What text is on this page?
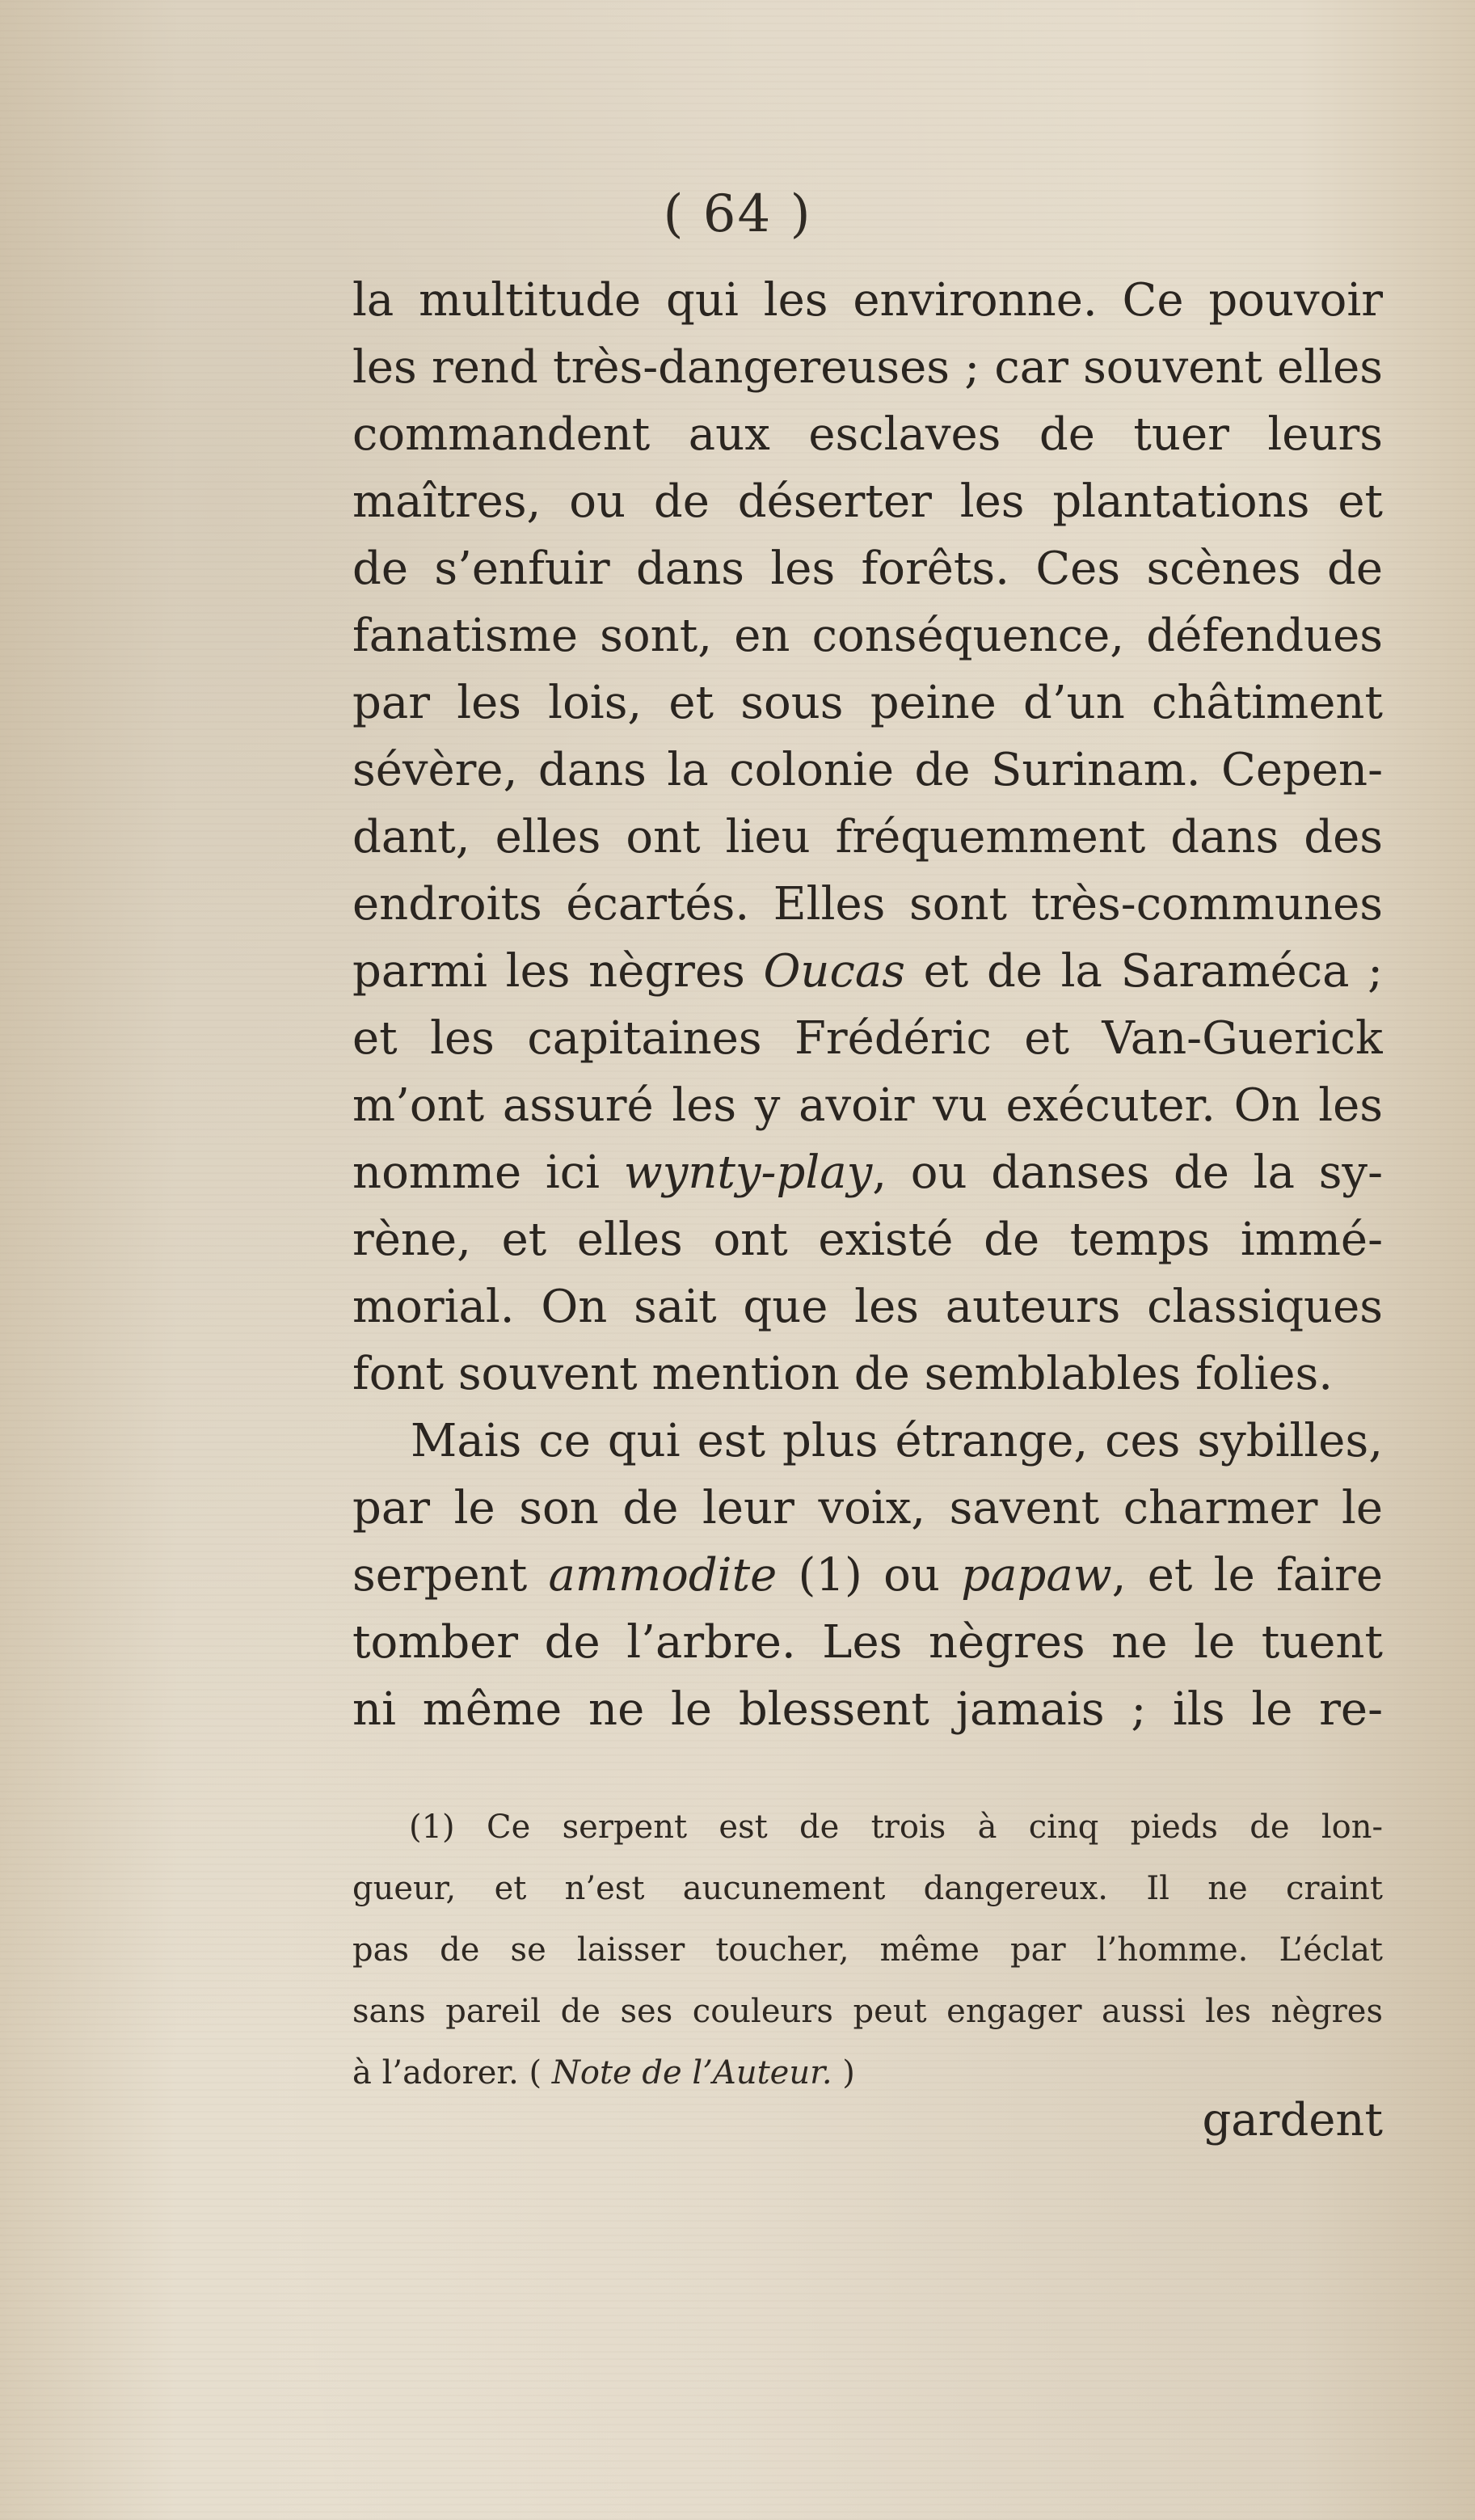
( 64 )
la multitude qui les environne. Ce pouvoir
les rend très-dangereuses ; car souvent elles
commandent aux esclaves de tuer leurs
maîtres, ou de déserter les plantations et
de s’enfuir dans les forêts. Ces scènes de
fanatisme sont, en conséquence, défendues
par les lois, et sous peine d’un châtiment
sévère, dans la colonie de Surinam. Cepen-
dant, elles ont lieu fréquemment dans des
endroits écartés. Elles sont très-communes
parmi les nègres Oucas et de la Saraméca ;
et les capitaines Frédéric et Van-Guerick
m’ont assuré les y avoir vu exécuter. On les
nomme ici wynty-play, ou danses de la sy-
rène, et elles ont existé de temps immé-
morial. On sait que les auteurs classiques
font souvent mention de semblables folies.
Mais ce qui est plus étrange, ces sybilles,
par le son de leur voix, savent charmer le
serpent ammodite (1) ou papaw, et le faire
tomber de l’arbre. Les nègres ne le tuent
ni même ne le blessent jamais ; ils le re-
(1) Ce serpent est de trois à cinq pieds de lon-
gueur, et n’est aucunement dangereux. Il ne craint
pas de se laisser toucher, même par l’homme. L’éclat
sans pareil de ses couleurs peut engager aussi les nègres
à l’adorer. ( Note de l’Auteur. )
gardent
